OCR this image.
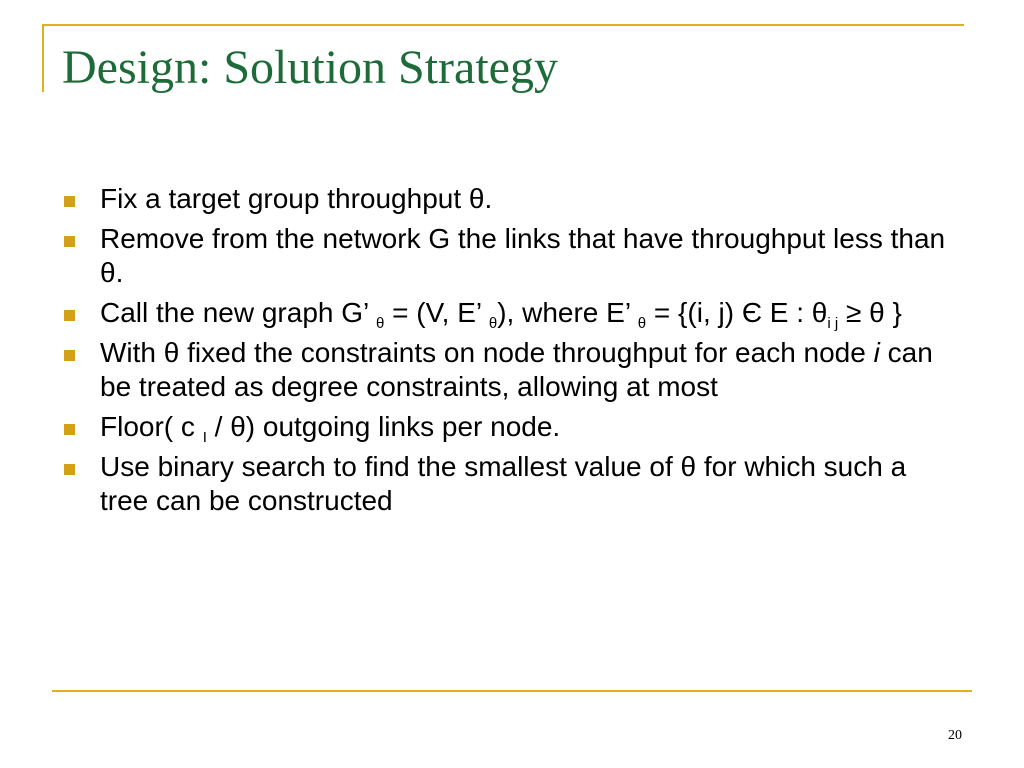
Design: Solution Strategy
Fix a target group throughput θ.
Remove from the network G the links that have throughput less than θ.
Call the new graph G’ $_\theta$ = (V, E’ $_\theta$), where E’ $_\theta$ = {(i, j) Є E : $\theta_{i j} \ge \theta$ }
With θ fixed the constraints on node throughput for each node i can be treated as degree constraints, allowing at most
Floor( c $_I$ / θ) outgoing links per node.
Use binary search to find the smallest value of θ for which such a tree can be constructed
20
